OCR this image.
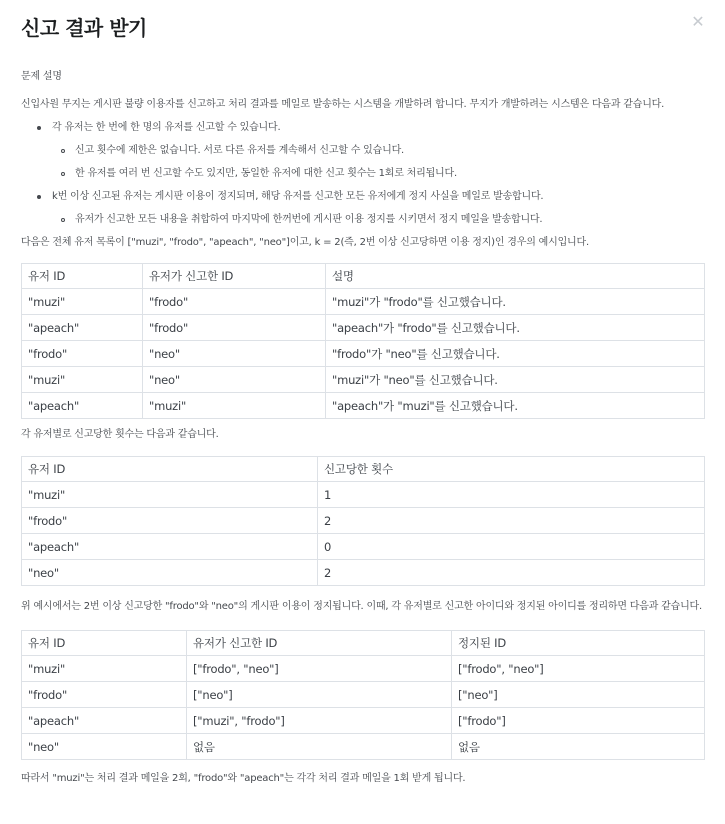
신고 결과 받기	✕

문제 설명

신입사원 무지는 게시판 불량 이용자를 신고하고 처리 결과를 메일로 발송하는 시스템을 개발하려 합니다. 무지가 개발하려는 시스템은 다음과 같습니다.

각 유저는 한 번에 한 명의 유저를 신고할 수 있습니다.
신고 횟수에 제한은 없습니다. 서로 다른 유저를 계속해서 신고할 수 있습니다.
한 유저를 여러 번 신고할 수도 있지만, 동일한 유저에 대한 신고 횟수는 1회로 처리됩니다.
k번 이상 신고된 유저는 게시판 이용이 정지되며, 해당 유저를 신고한 모든 유저에게 정지 사실을 메일로 발송합니다.
유저가 신고한 모든 내용을 취합하여 마지막에 한꺼번에 게시판 이용 정지를 시키면서 정지 메일을 발송합니다.

다음은 전체 유저 목록이 ["muzi", "frodo", "apeach", "neo"]이고, k = 2(즉, 2번 이상 신고당하면 이용 정지)인 경우의 예시입니다.

유저 ID	유저가 신고한 ID	설명
"muzi"	"frodo"	"muzi"가 "frodo"를 신고했습니다.
"apeach"	"frodo"	"apeach"가 "frodo"를 신고했습니다.
"frodo"	"neo"	"frodo"가 "neo"를 신고했습니다.
"muzi"	"neo"	"muzi"가 "neo"를 신고했습니다.
"apeach"	"muzi"	"apeach"가 "muzi"를 신고했습니다.

각 유저별로 신고당한 횟수는 다음과 같습니다.

유저 ID	신고당한 횟수
"muzi"	1
"frodo"	2
"apeach"	0
"neo"	2

위 예시에서는 2번 이상 신고당한 "frodo"와 "neo"의 게시판 이용이 정지됩니다. 이때, 각 유저별로 신고한 아이디와 정지된 아이디를 정리하면 다음과 같습니다.

유저 ID	유저가 신고한 ID	정지된 ID
"muzi"	["frodo", "neo"]	["frodo", "neo"]
"frodo"	["neo"]	["neo"]
"apeach"	["muzi", "frodo"]	["frodo"]
"neo"	없음	없음

따라서 "muzi"는 처리 결과 메일을 2회, "frodo"와 "apeach"는 각각 처리 결과 메일을 1회 받게 됩니다.
